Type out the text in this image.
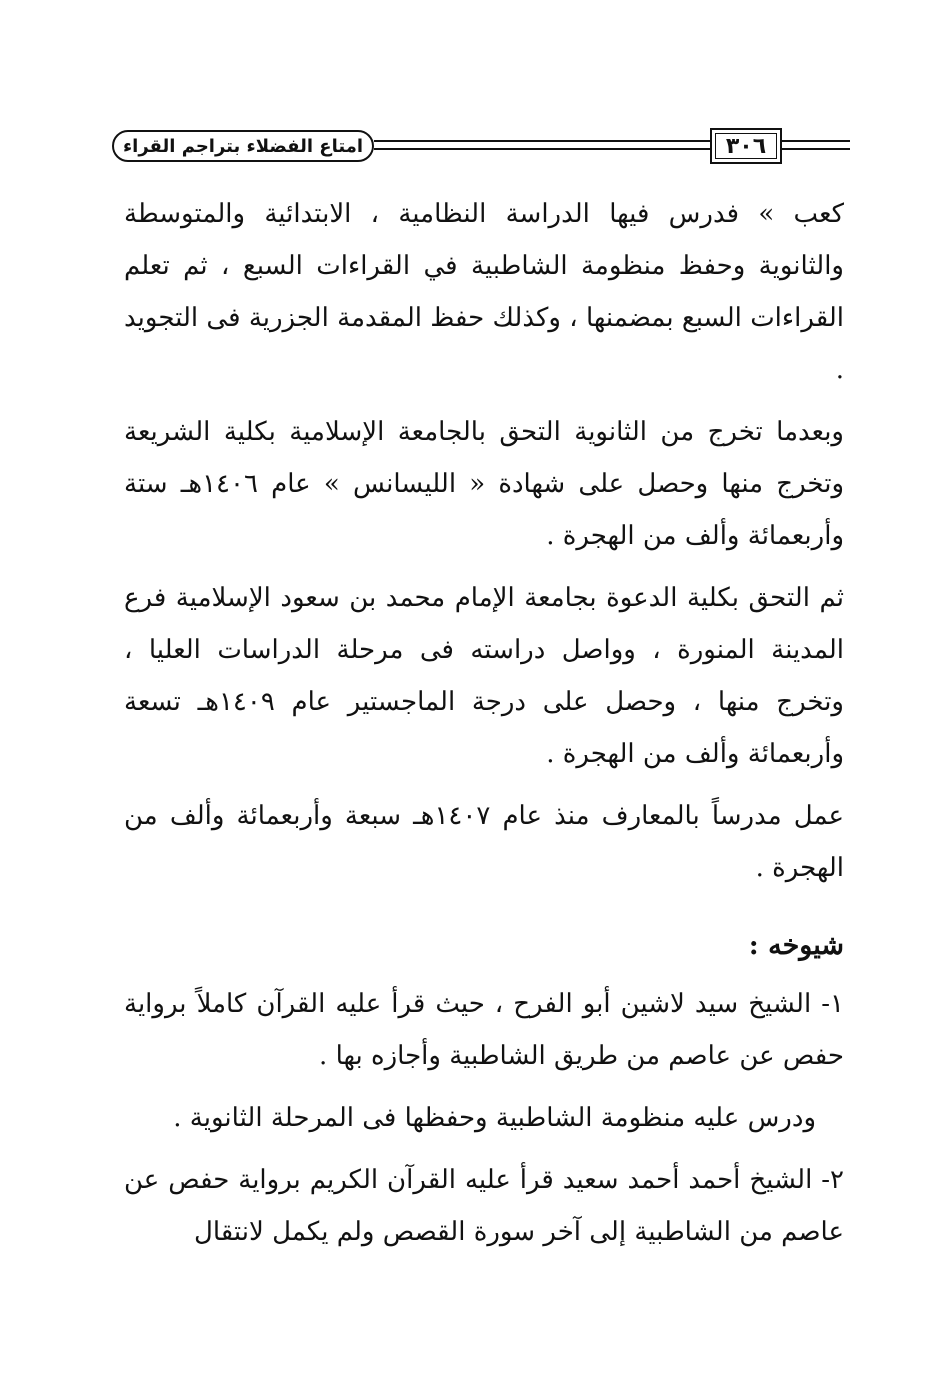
امتاع الفضلاء بتراجم القراء	٣٠٦

كعب » فدرس فيها الدراسة النظامية ، الابتدائية والمتوسطة والثانوية وحفظ منظومة الشاطبية في القراءات السبع ، ثم تعلم القراءات السبع بمضمنها ، وكذلك حفظ المقدمة الجزرية فى التجويد .

وبعدما تخرج من الثانوية التحق بالجامعة الإسلامية بكلية الشريعة وتخرج منها وحصل على شهادة « الليسانس » عام ١٤٠٦هـ ستة وأربعمائة وألف من الهجرة .

ثم التحق بكلية الدعوة بجامعة الإمام محمد بن سعود الإسلامية فرع المدينة المنورة ، وواصل دراسته فى مرحلة الدراسات العليا ، وتخرج منها ، وحصل على درجة الماجستير عام ١٤٠٩هـ تسعة وأربعمائة وألف من الهجرة .

عمل مدرساً بالمعارف منذ عام ١٤٠٧هـ سبعة وأربعمائة وألف من الهجرة .

شيوخه :

١- الشيخ سيد لاشين أبو الفرح ، حيث قرأ عليه القرآن كاملاً برواية حفص عن عاصم من طريق الشاطبية وأجازه بها .

ودرس عليه منظومة الشاطبية وحفظها فى المرحلة الثانوية .

٢- الشيخ أحمد أحمد سعيد قرأ عليه القرآن الكريم برواية حفص عن عاصم من الشاطبية إلى آخر سورة القصص ولم يكمل لانتقال
